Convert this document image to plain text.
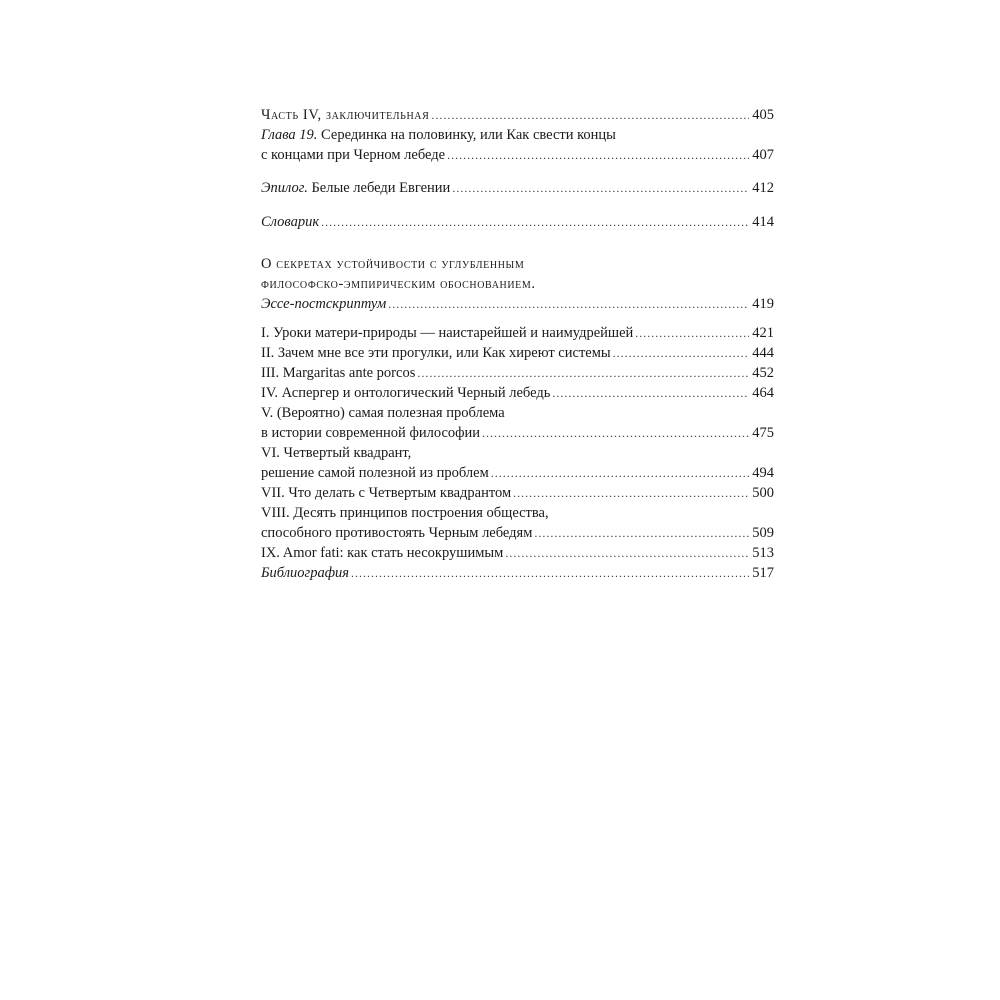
Часть IV, заключительная .....	405
Глава 19. Серединка на половинку, или Как свести концы
с концами при Черном лебеде .....	407
Эпилог. Белые лебеди Евгении .....	412
Словарик .....	414
О секретах устойчивости с углубленным
философско-эмпирическим обоснованием.
Эссе-постскриптум .....	419
I. Уроки матери-природы — наистарейшей и наимудрейшей .....	421
II. Зачем мне все эти прогулки, или Как хиреют системы .....	444
III. Margaritas ante porcos .....	452
IV. Аспергер и онтологический Черный лебедь .....	464
V. (Вероятно) самая полезная проблема
в истории современной философии .....	475
VI. Четвертый квадрант,
решение самой полезной из проблем .....	494
VII. Что делать с Четвертым квадрантом .....	500
VIII. Десять принципов построения общества,
способного противостоять Черным лебедям .....	509
IX. Amor fati: как стать несокрушимым .....	513
Библиография .....	517
